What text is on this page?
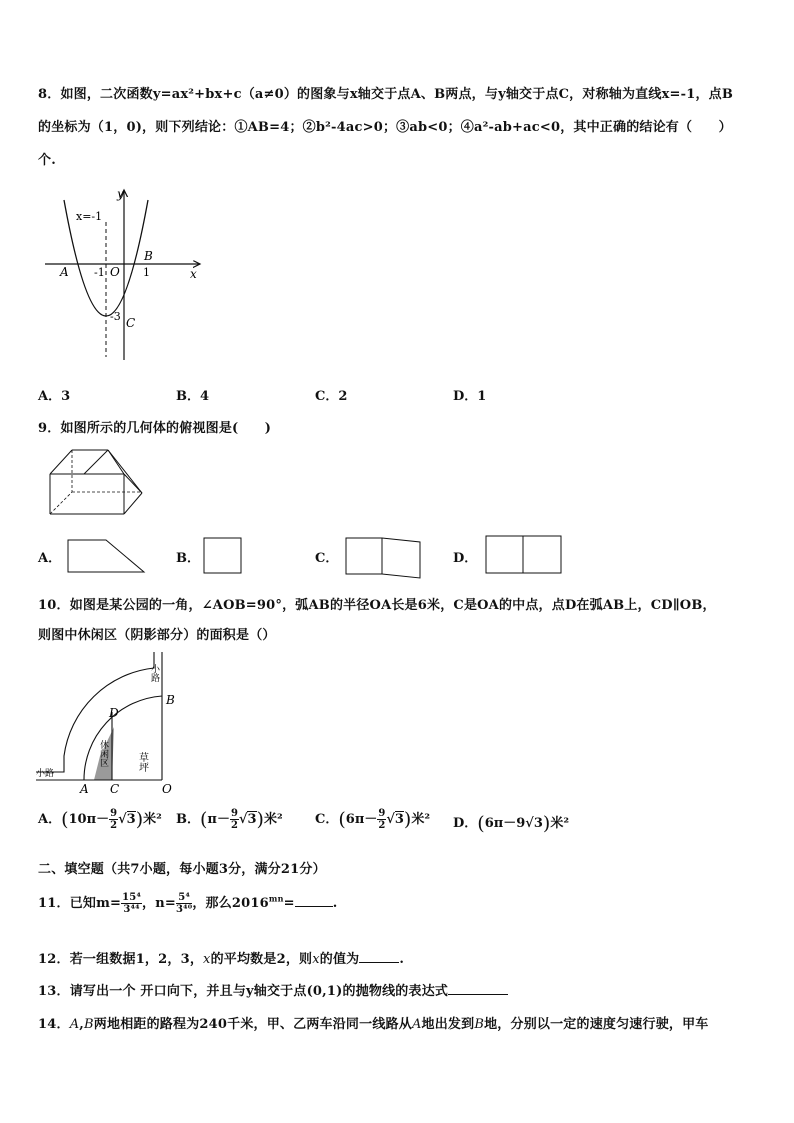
8．如图，二次函数y=ax²+bx+c（a≠0）的图象与x轴交于点A、B两点，与y轴交于点C，对称轴为直线x=-1，点B
的坐标为（1，0)，则下列结论：①AB=4；②b²-4ac>0；③ab<0；④a²-ab+ac<0，其中正确的结论有（　　）
个.
y
x
x=-1
A
B
C
O
-1	1
-3
A．3	B．4	C．2	D．1
9．如图所示的几何体的俯视图是(　　)
A．	B．	C．	D．
10．如图是某公园的一角，∠AOB=90°，弧AB的半径OA长是6米，C是OA的中点，点D在弧AB上，CD∥OB，
则图中休闲区（阴影部分）的面积是（）
小路
小路
休闲区	草坪
A
B
C
D
O
A．$(10\pi- \frac{9}{2} √3)$米² B．$(\pi- \frac{9}{2} √3)$米² C．$(6\pi- \frac{9}{2} √3)$米² D．(6π－9√3)米²
二、填空题（共7小题，每小题3分，满分21分）
11．已知$m= \frac{\text{15⁴}}{\text{3⁴⁴}}$ ，$n= \frac{\text{5⁴}}{\text{3⁴⁰}}$ ，那么$2016^{mn}=$	.
12．若一组数据1，2，3，x的平均数是2，则x的值为	.
13．请写出一个 开口向下，并且与y轴交于点(0,1)的抛物线的表达式
14．A,B两地相距的路程为240千米，甲、乙两车沿同一线路从A地出发到B地，分别以一定的速度匀速行驶，甲车
